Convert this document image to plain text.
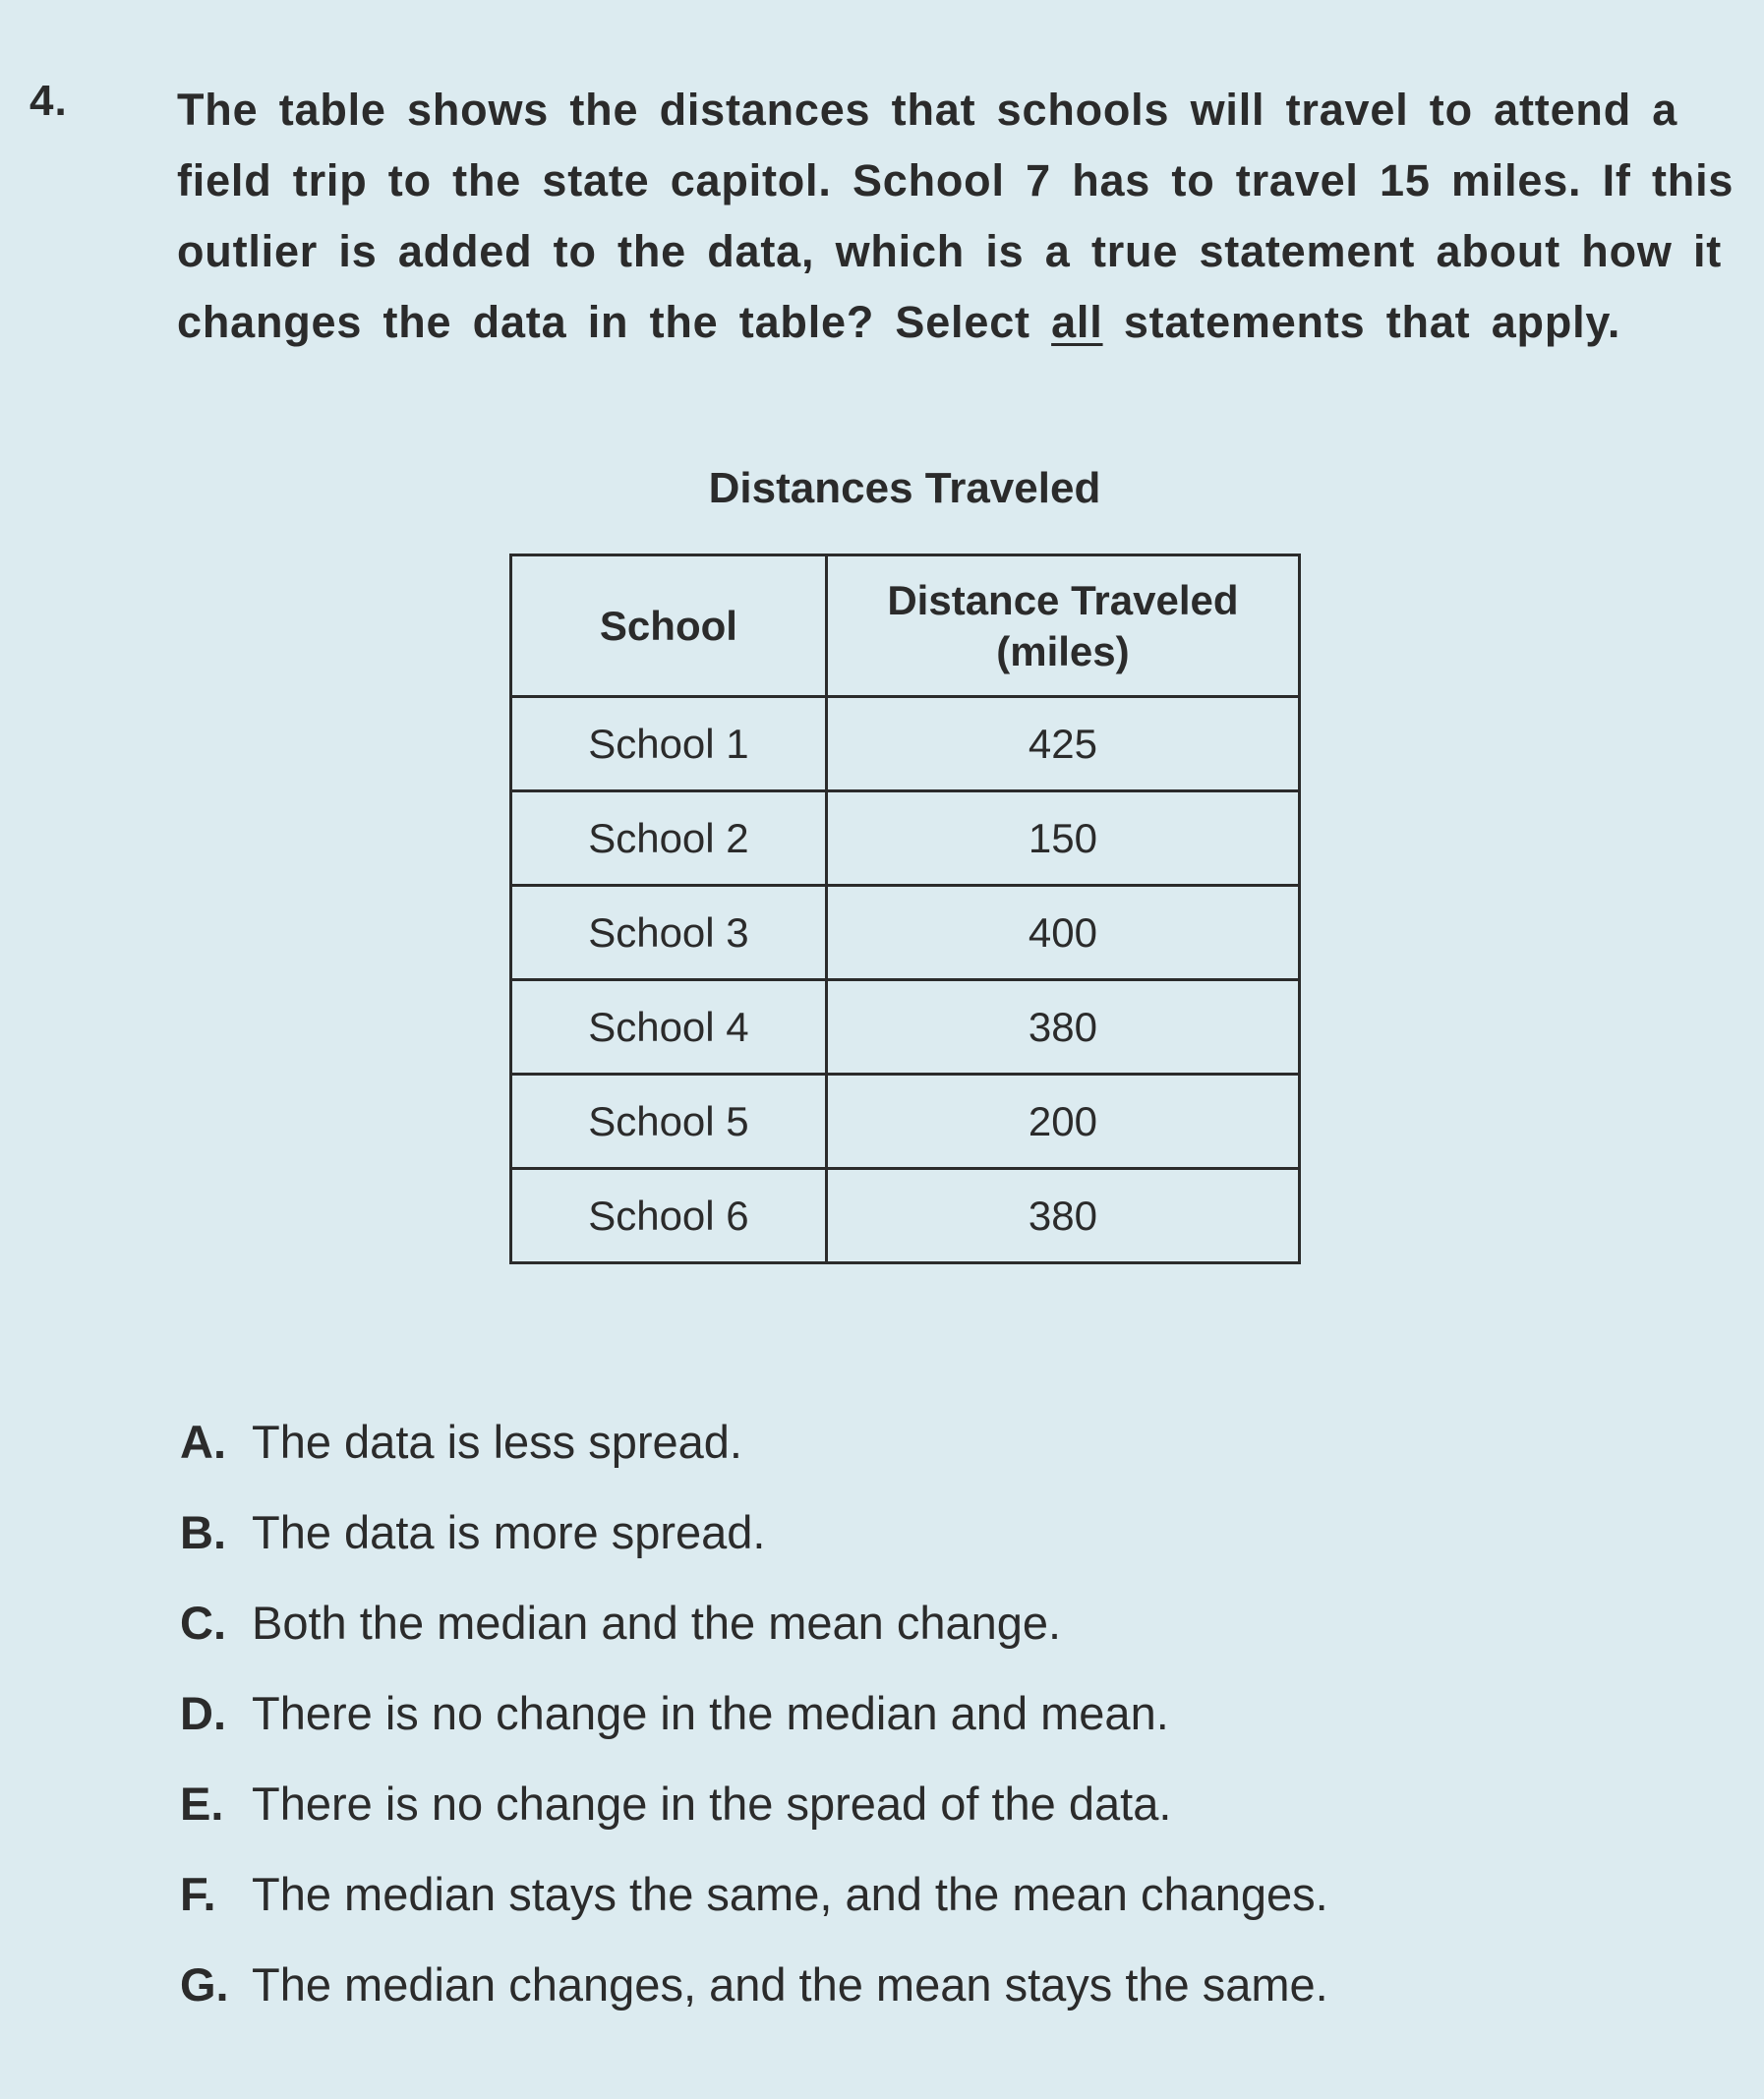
4. The table shows the distances that schools will travel to attend a
field trip to the state capitol. School 7 has to travel 15 miles. If this
outlier is added to the data, which is a true statement about how it
changes the data in the table? Select all statements that apply.
Distances Traveled
School	Distance Traveled
(miles)
School 1	425
School 2	150
School 3	400
School 4	380
School 5	200
School 6	380
A. The data is less spread.
B. The data is more spread.
C. Both the median and the mean change.
D. There is no change in the median and mean.
E. There is no change in the spread of the data.
F. The median stays the same, and the mean changes.
G. The median changes, and the mean stays the same.
